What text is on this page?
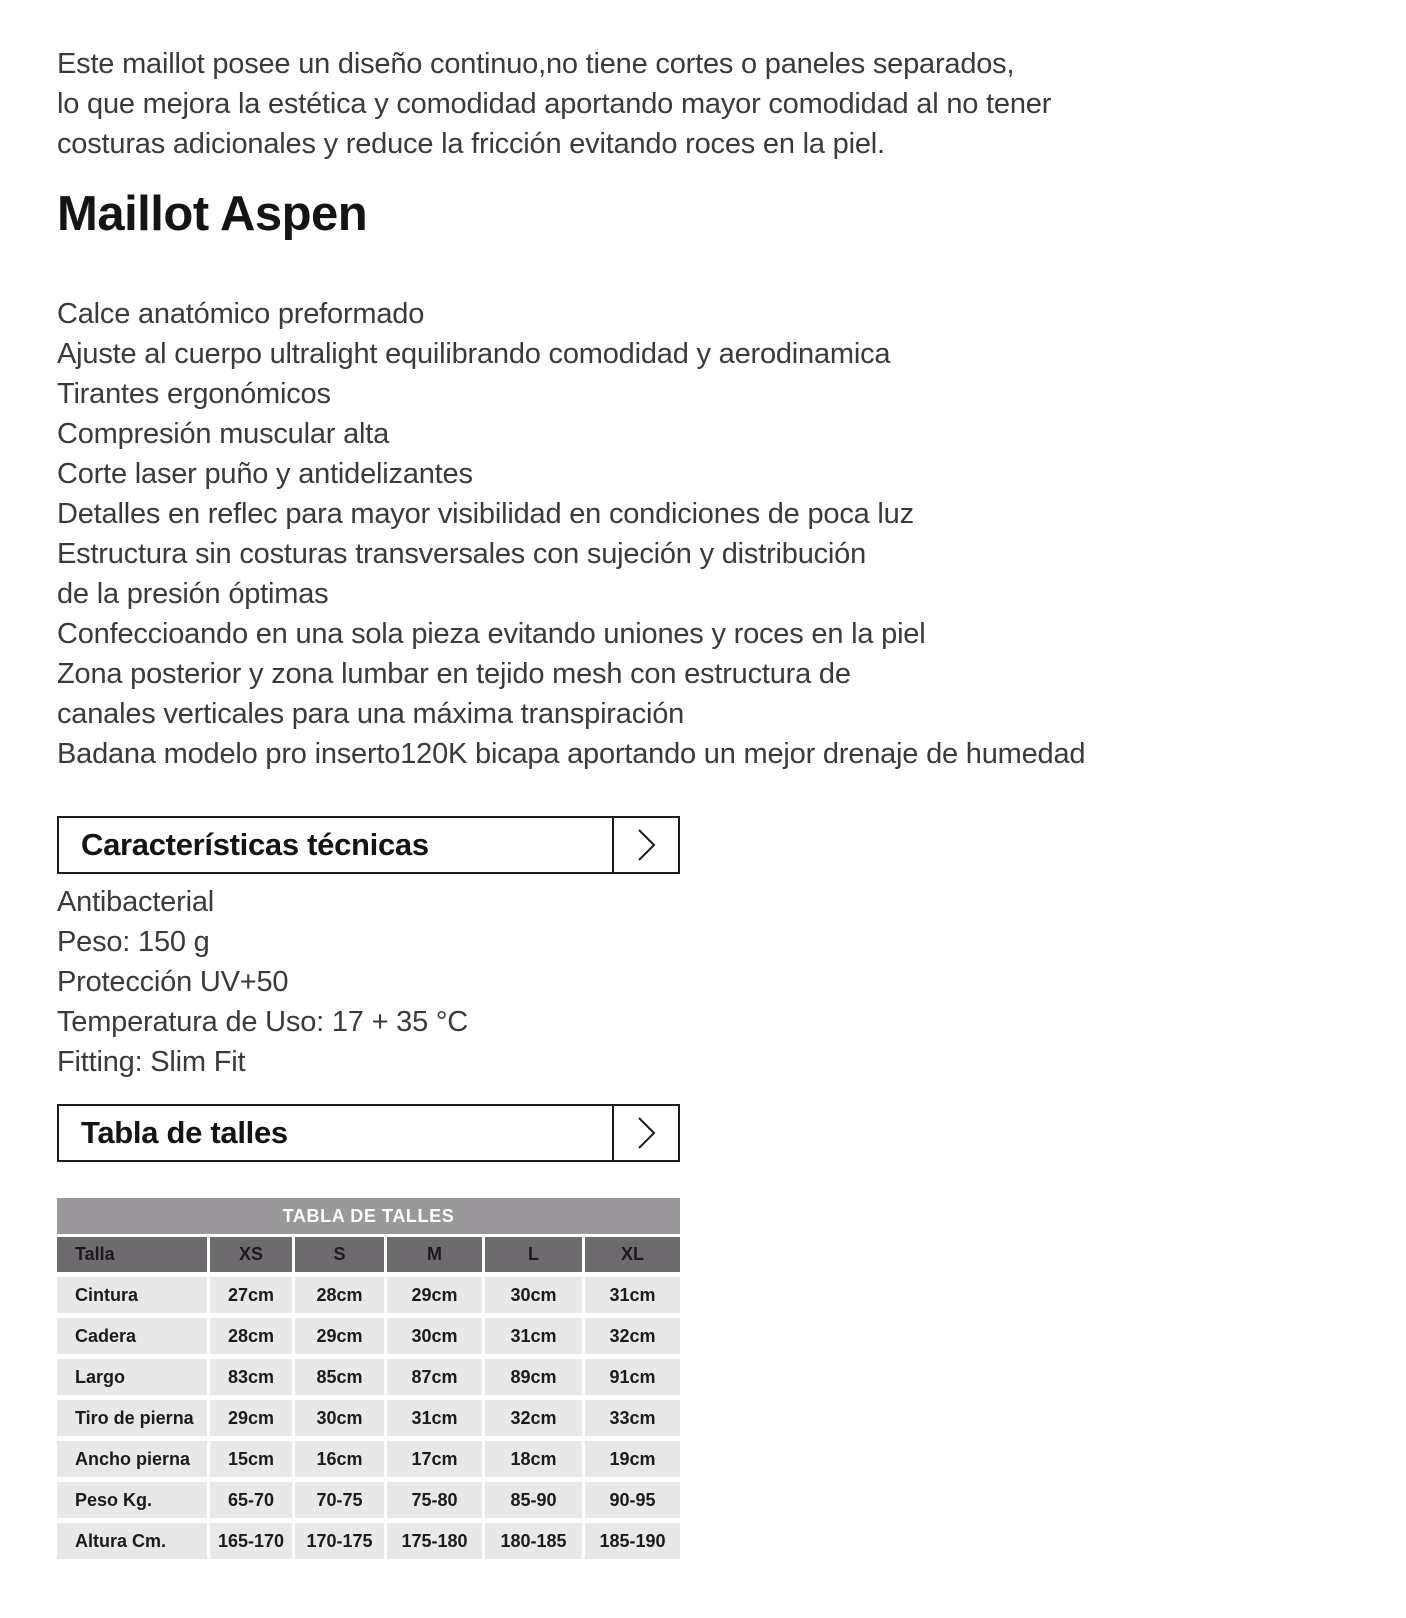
Este maillot posee un diseño continuo,no tiene cortes o paneles separados,

lo que mejora la estética y comodidad aportando mayor comodidad al no tener

costuras adicionales y reduce la fricción evitando roces en la piel.

Maillot Aspen

Calce anatómico preformado

Ajuste al cuerpo ultralight equilibrando comodidad y aerodinamica

Tirantes ergonómicos

Compresión muscular alta

Corte laser puño y antidelizantes

Detalles en reflec para mayor visibilidad en condiciones de poca luz

Estructura sin costuras transversales con sujeción y distribución

de la presión óptimas

Confeccioando en una sola pieza evitando uniones y roces en la piel

Zona posterior y zona lumbar en tejido mesh con estructura de

canales verticales para una máxima transpiración

Badana modelo pro inserto120K bicapa aportando un mejor drenaje de humedad

Características técnicas

Antibacterial

Peso: 150 g

Protección UV+50

Temperatura de Uso: 17 + 35 °C

Fitting: Slim Fit

Tabla de talles
TABLA DE TALLES
Talla	XS	S	M	L	XL
Cintura	27cm	28cm	29cm	30cm	31cm
Cadera	28cm	29cm	30cm	31cm	32cm
Largo	83cm	85cm	87cm	89cm	91cm
Tiro de pierna	29cm	30cm	31cm	32cm	33cm
Ancho pierna	15cm	16cm	17cm	18cm	19cm
Peso Kg.	65-70	70-75	75-80	85-90	90-95
Altura Cm.	165-170	170-175	175-180	180-185	185-190
